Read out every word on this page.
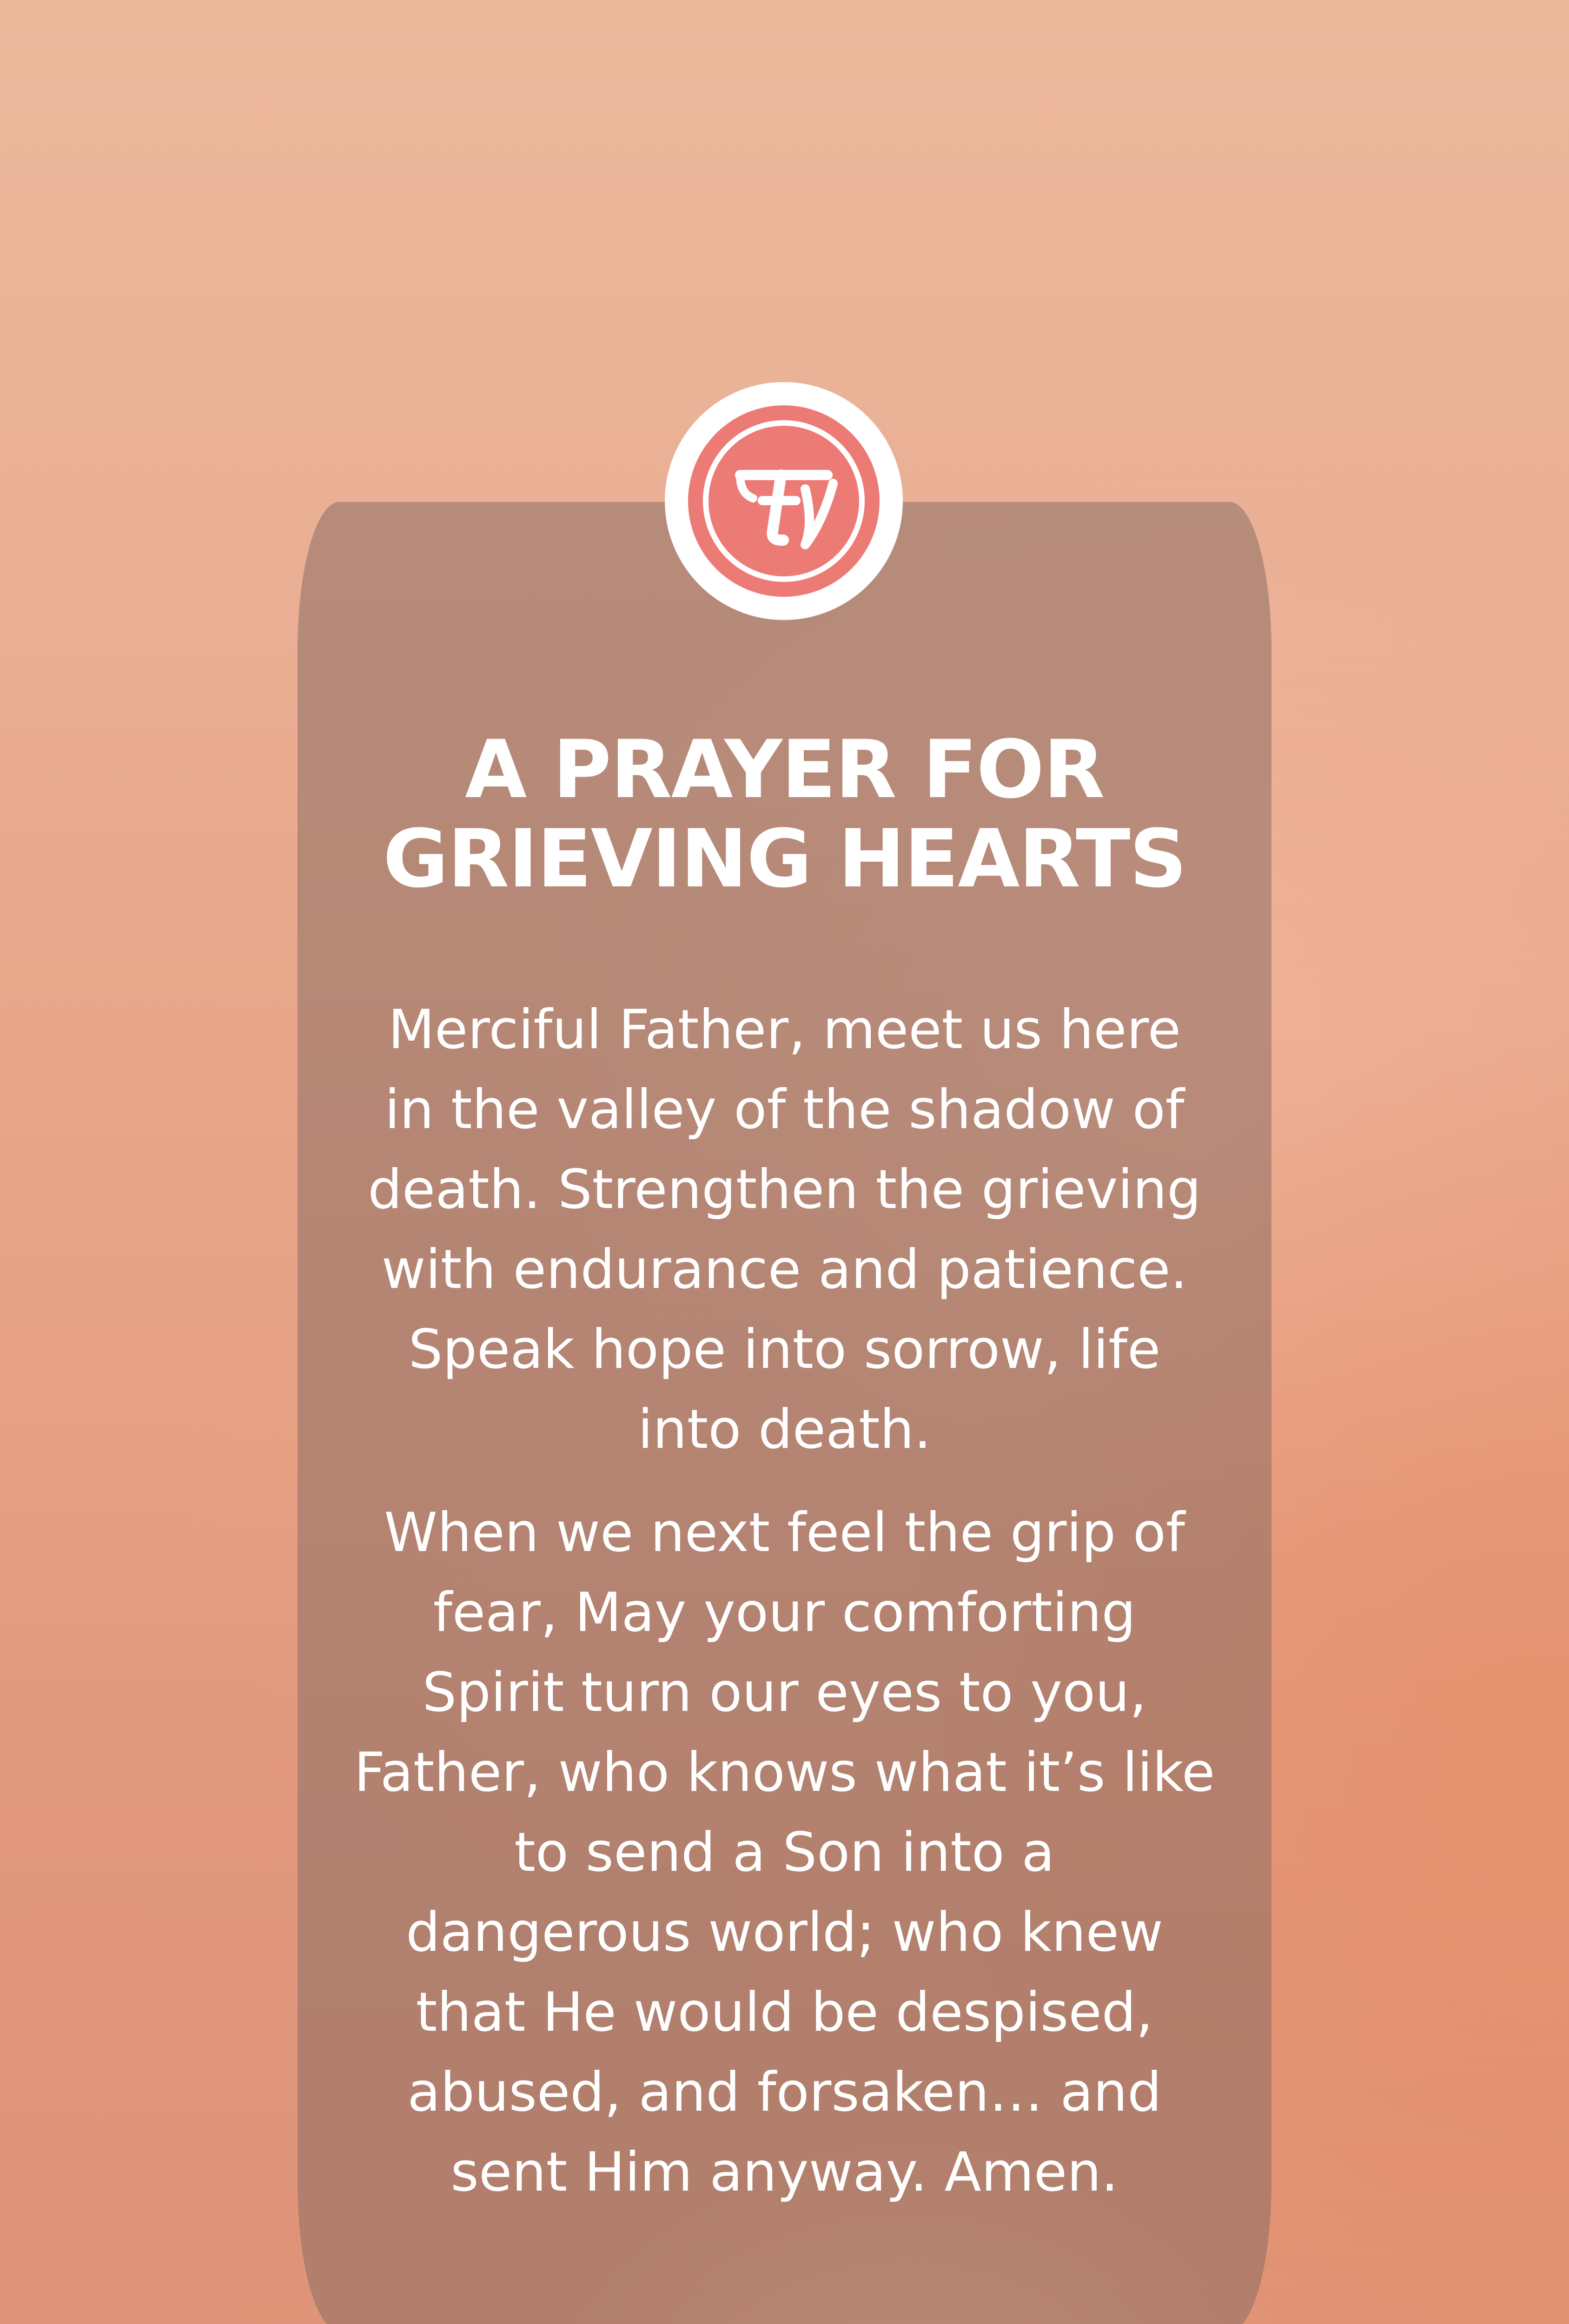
A PRAYER FOR
GRIEVING HEARTS
Merciful Father, meet us here
in the valley of the shadow of
death. Strengthen the grieving
with endurance and patience.
Speak hope into sorrow, life
into death.
When we next feel the grip of
fear, May your comforting
Spirit turn our eyes to you,
Father, who knows what it’s like
to send a Son into a
dangerous world; who knew
that He would be despised,
abused, and forsaken… and
sent Him anyway. Amen.
